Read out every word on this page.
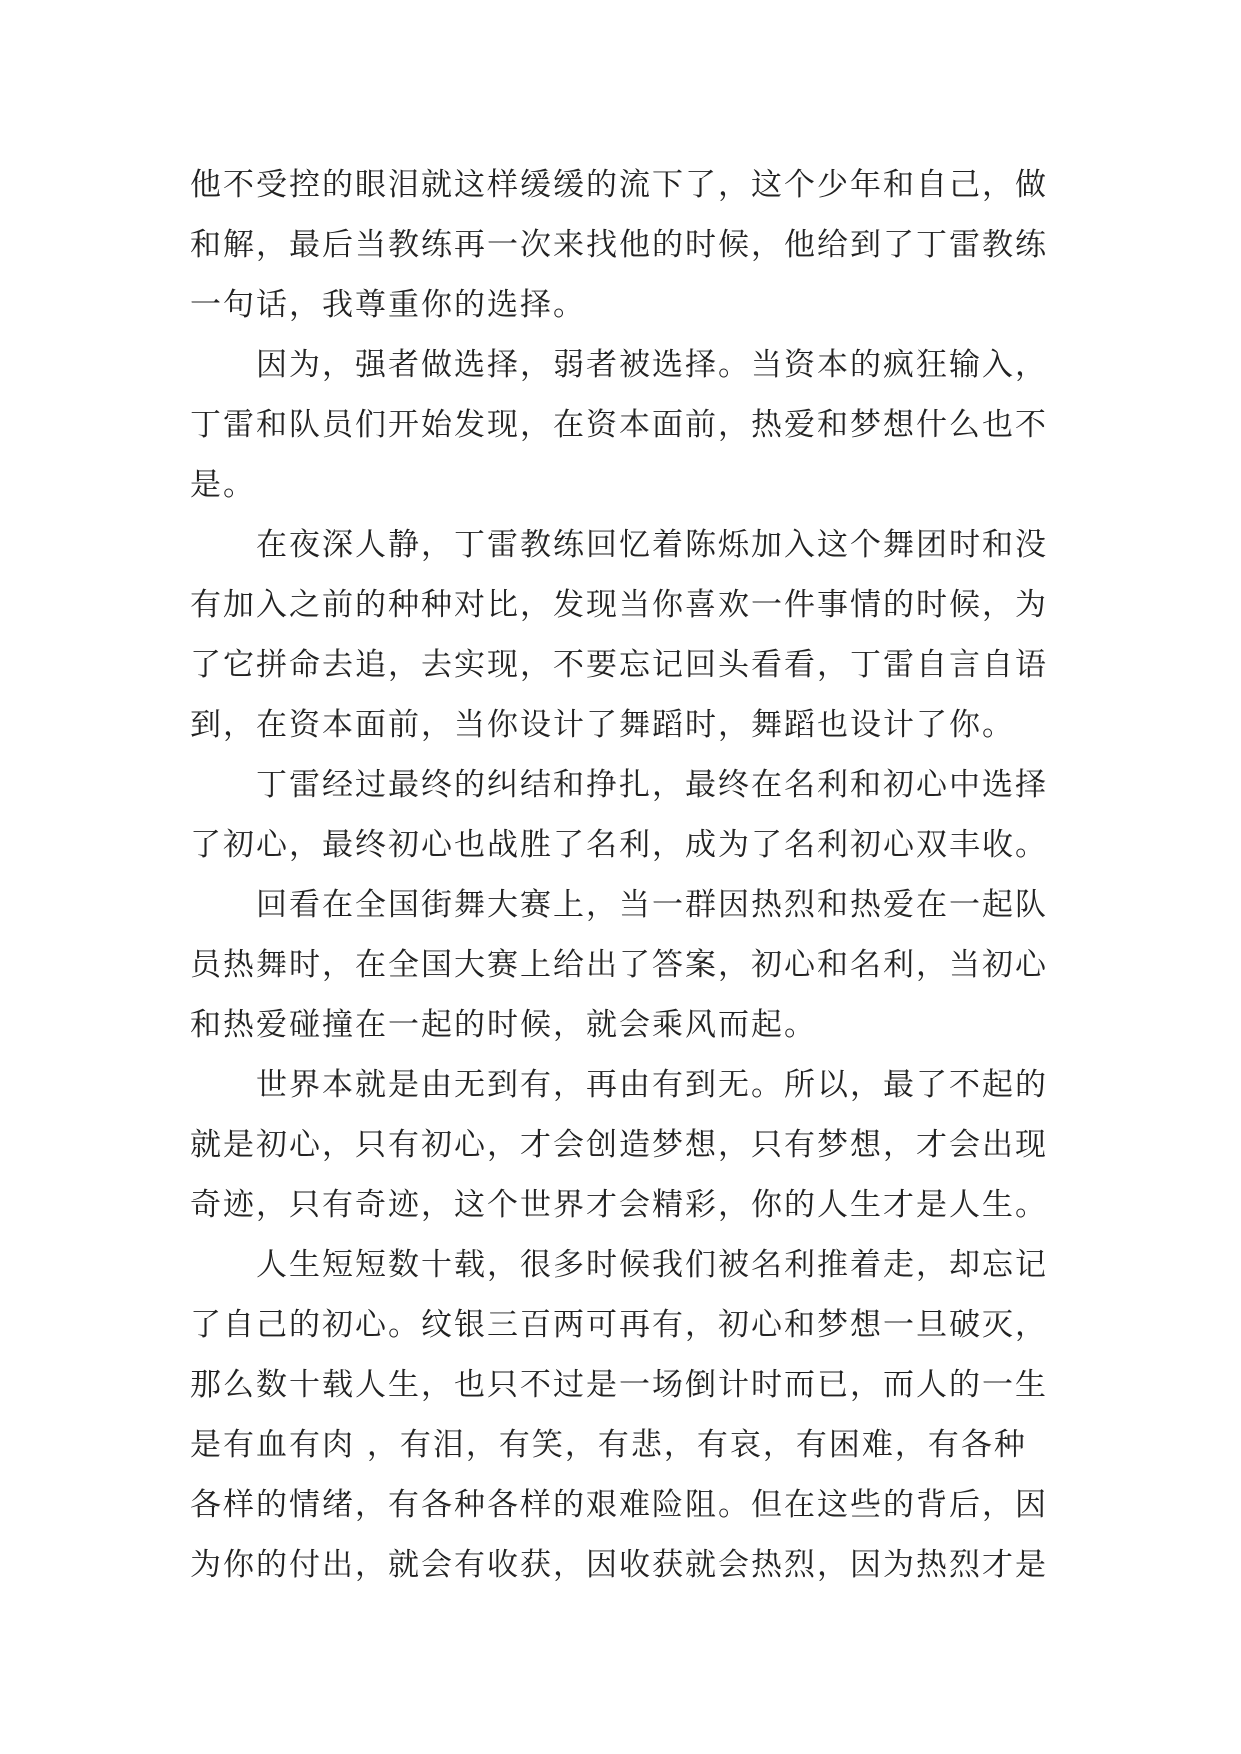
他不受控的眼泪就这样缓缓的流下了，这个少年和自己，做
和解，最后当教练再一次来找他的时候，他给到了丁雷教练
一句话，我尊重你的选择。

因为，强者做选择，弱者被选择。当资本的疯狂输入，
丁雷和队员们开始发现，在资本面前，热爱和梦想什么也不
是。

在夜深人静，丁雷教练回忆着陈烁加入这个舞团时和没
有加入之前的种种对比，发现当你喜欢一件事情的时候，为
了它拼命去追，去实现，不要忘记回头看看，丁雷自言自语
到，在资本面前，当你设计了舞蹈时，舞蹈也设计了你。

丁雷经过最终的纠结和挣扎，最终在名利和初心中选择
了初心，最终初心也战胜了名利，成为了名利初心双丰收。

回看在全国街舞大赛上，当一群因热烈和热爱在一起队
员热舞时，在全国大赛上给出了答案，初心和名利，当初心
和热爱碰撞在一起的时候，就会乘风而起。

世界本就是由无到有，再由有到无。所以，最了不起的
就是初心，只有初心，才会创造梦想，只有梦想，才会出现
奇迹，只有奇迹，这个世界才会精彩，你的人生才是人生。

人生短短数十载，很多时候我们被名利推着走，却忘记
了自己的初心。纹银三百两可再有，初心和梦想一旦破灭，
那么数十载人生，也只不过是一场倒计时而已，而人的一生
是有血有肉 ，有泪，有笑，有悲，有哀，有困难，有各种
各样的情绪，有各种各样的艰难险阻。但在这些的背后，因
为你的付出，就会有收获，因收获就会热烈，因为热烈才是
